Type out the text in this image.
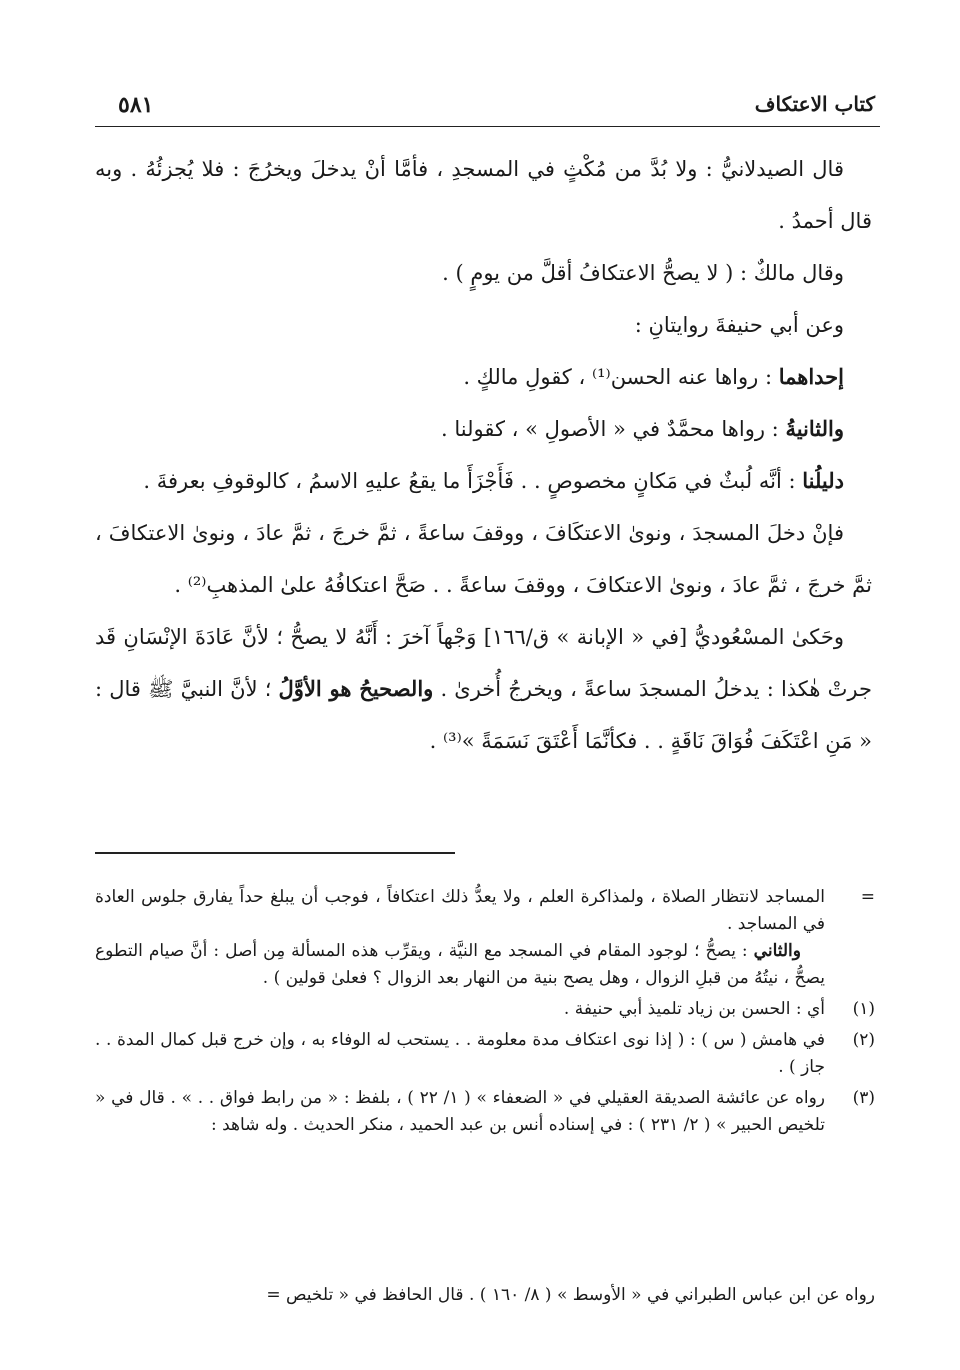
كتاب الاعتكاف
٥٨١

قال الصيدلانيُّ : ولا بُدَّ من مُكْثٍ في المسجدِ ، فأمَّا أنْ يدخلَ ويخرُجَ : فلا يُجزئُهُ . وبه قال أحمدُ .

وقال مالكٌ : ( لا يصحُّ الاعتكافُ أقلَّ من يومٍ ) .

وعن أبي حنيفةَ روايتانِ :

إحداهما : رواها عنه الحسن⁽¹⁾ ، كقولِ مالكٍ .

والثانيةُ : رواها محمَّدٌ في « الأصولِ » ، كقولنا .

دليلُنا : أنَّه لُبثٌ في مَكانٍ مخصوصٍ . . فَأَجْزَأَ ما يقعُ عليهِ الاسمُ ، كالوقوفِ بعرفةَ .

فإنْ دخلَ المسجدَ ، ونوىٰ الاعتكَافَ ، ووقفَ ساعةً ، ثمَّ خرجَ ، ثمَّ عادَ ، ونوىٰ الاعتكافَ ، ثمَّ خرجَ ، ثمَّ عادَ ، ونوىٰ الاعتكافَ ، ووقفَ ساعةً . . صَحَّ اعتكافُهُ علىٰ المذهبِ⁽²⁾ .

وحَكىٰ المسْعُوديُّ [في « الإبانة » ق/١٦٦] وَجْهاً آخرَ : أَنَّهُ لا يصحُّ ؛ لأنَّ عَادَةَ الإنْسَانِ قَد جرتْ هٰكذا : يدخلُ المسجدَ ساعةً ، ويخرجُ أُخرىٰ . والصحيحُ هو الأوَّلُ ؛ لأنَّ النبيَّ ﷺ قال : « مَنِ اعْتَكَفَ فُوَاقَ نَاقَةٍ . . فكأنَّمَا أَعْتَقَ نَسَمَةً »⁽³⁾ .

=
المساجد لانتظار الصلاة ، ولمذاكرة العلم ، ولا يعدُّ ذلك اعتكافاً ، فوجب أن يبلغ حداً يفارق جلوس العادة في المساجد .
والثاني : يصحُّ ؛ لوجود المقام في المسجد مع النيَّة ، ويقرِّب هذه المسألة مِن أصل : أنَّ صيام التطوع يصحُّ ، نيتُهُ من قبلِ الزوال ، وهل يصح بنية من النهار بعد الزوال ؟ فعلىٰ قولين ) .
(١)
أي : الحسن بن زياد تلميذ أبي حنيفة .
(٢)
في هامش ( س ) : ( إذا نوى اعتكاف مدة معلومة . . يستحب له الوفاء به ، وإن خرج قبل كمال المدة . . جاز ) .
(٣)
رواه عن عائشة الصديقة العقيلي في « الضعفاء » ( ١/ ٢٢ ) ، بلفظ : « من رابط فواق . . » . قال في « تلخيص الحبير » ( ٢/ ٢٣١ ) : في إسناده أنس بن عبد الحميد ، منكر الحديث . وله شاهد :
رواه عن ابن عباس الطبراني في « الأوسط » ( ٨/ ١٦٠ ) . قال الحافظ في « تلخيص =
